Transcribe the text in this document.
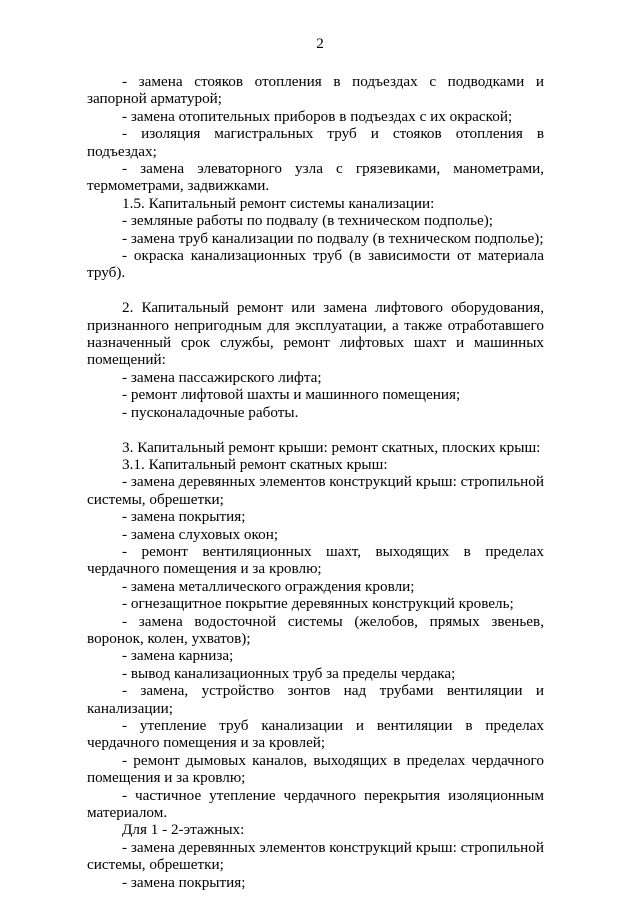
2

- замена стояков отопления в подъездах с подводками и запорной арматурой;

- замена отопительных приборов в подъездах с их окраской;

- изоляция магистральных труб и стояков отопления в подъездах;

- замена элеваторного узла с грязевиками, манометрами, термометрами, задвижками.

1.5. Капитальный ремонт системы канализации:

- земляные работы по подвалу (в техническом подполье);

- замена труб канализации по подвалу (в техническом подполье);

- окраска канализационных труб (в зависимости от материала труб).

2. Капитальный ремонт или замена лифтового оборудования, признанного непригодным для эксплуатации, а также отработавшего назначенный срок службы, ремонт лифтовых шахт и машинных помещений:

- замена пассажирского лифта;

- ремонт лифтовой шахты и машинного помещения;

- пусконаладочные работы.

3. Капитальный ремонт крыши: ремонт скатных, плоских крыш:

3.1. Капитальный ремонт скатных крыш:

- замена деревянных элементов конструкций крыш: стропильной системы, обрешетки;

- замена покрытия;

- замена слуховых окон;

- ремонт вентиляционных шахт, выходящих в пределах чердачного помещения и за кровлю;

- замена металлического ограждения кровли;

- огнезащитное покрытие деревянных конструкций кровель;

- замена водосточной системы (желобов, прямых звеньев, воронок, колен, ухватов);

- замена карниза;

- вывод канализационных труб за пределы чердака;

- замена, устройство зонтов над трубами вентиляции и канализации;

- утепление труб канализации и вентиляции в пределах чердачного помещения и за кровлей;

- ремонт дымовых каналов, выходящих в пределах чердачного помещения и за кровлю;

- частичное утепление чердачного перекрытия изоляционным материалом.

Для 1 - 2-этажных:

- замена деревянных элементов конструкций крыш: стропильной системы, обрешетки;

- замена покрытия;
